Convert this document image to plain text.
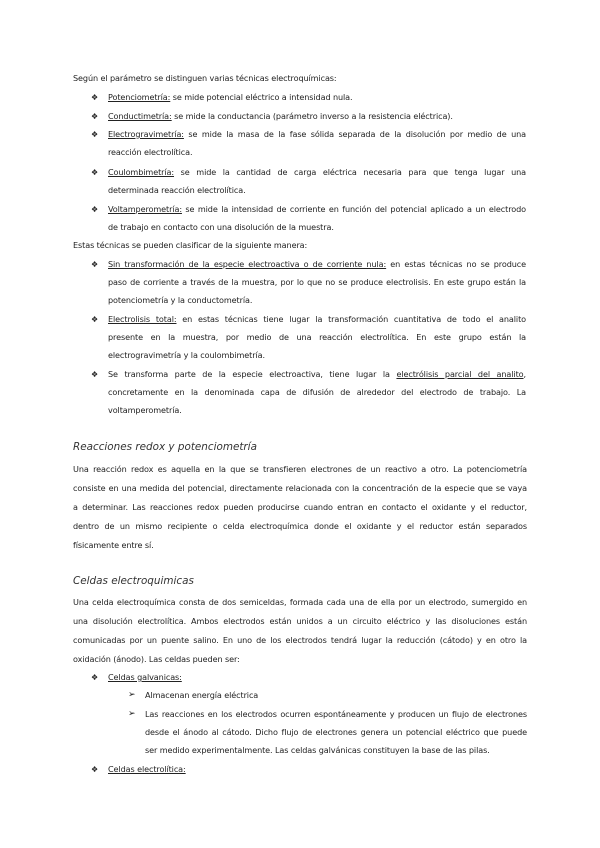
Según el parámetro se distinguen varias técnicas electroquímicas:
❖ Potenciometría: se mide potencial eléctrico a intensidad nula.
❖ Conductimetría: se mide la conductancia (parámetro inverso a la resistencia eléctrica).
❖ Electrogravimetría: se mide la masa de la fase sólida separada de la disolución por medio de una
reacción electrolítica.
❖ Coulombimetría: se mide la cantidad de carga eléctrica necesaria para que tenga lugar una
determinada reacción electrolítica.
❖ Voltamperometría: se mide la intensidad de corriente en función del potencial aplicado a un electrodo
de trabajo en contacto con una disolución de la muestra.
Estas técnicas se pueden clasificar de la siguiente manera:
❖ Sin transformación de la especie electroactiva o de corriente nula: en estas técnicas no se produce
paso de corriente a través de la muestra, por lo que no se produce electrolisis. En este grupo están la
potenciometría y la conductometría.
❖ Electrolisis total: en estas técnicas tiene lugar la transformación cuantitativa de todo el analito
presente en la muestra, por medio de una reacción electrolítica. En este grupo están la
electrogravimetría y la coulombimetría.
❖ Se transforma parte de la especie electroactiva, tiene lugar la electrólisis parcial del analito,
concretamente en la denominada capa de difusión de alrededor del electrodo de trabajo. La
voltamperometría.
Reacciones redox y potenciometría
Una reacción redox es aquella en la que se transfieren electrones de un reactivo a otro. La potenciometría
consiste en una medida del potencial, directamente relacionada con la concentración de la especie que se vaya
a determinar. Las reacciones redox pueden producirse cuando entran en contacto el oxidante y el reductor,
dentro de un mismo recipiente o celda electroquímica donde el oxidante y el reductor están separados
físicamente entre sí.
Celdas electroquimicas
Una celda electroquímica consta de dos semiceldas, formada cada una de ella por un electrodo, sumergido en
una disolución electrolítica. Ambos electrodos están unidos a un circuito eléctrico y las disoluciones están
comunicadas por un puente salino. En uno de los electrodos tendrá lugar la reducción (cátodo) y en otro la
oxidación (ánodo). Las celdas pueden ser:
❖ Celdas galvanicas:
➢ Almacenan energía eléctrica
➢ Las reacciones en los electrodos ocurren espontáneamente y producen un flujo de electrones
desde el ánodo al cátodo. Dicho flujo de electrones genera un potencial eléctrico que puede
ser medido experimentalmente. Las celdas galvánicas constituyen la base de las pilas.
❖ Celdas electrolítica:
